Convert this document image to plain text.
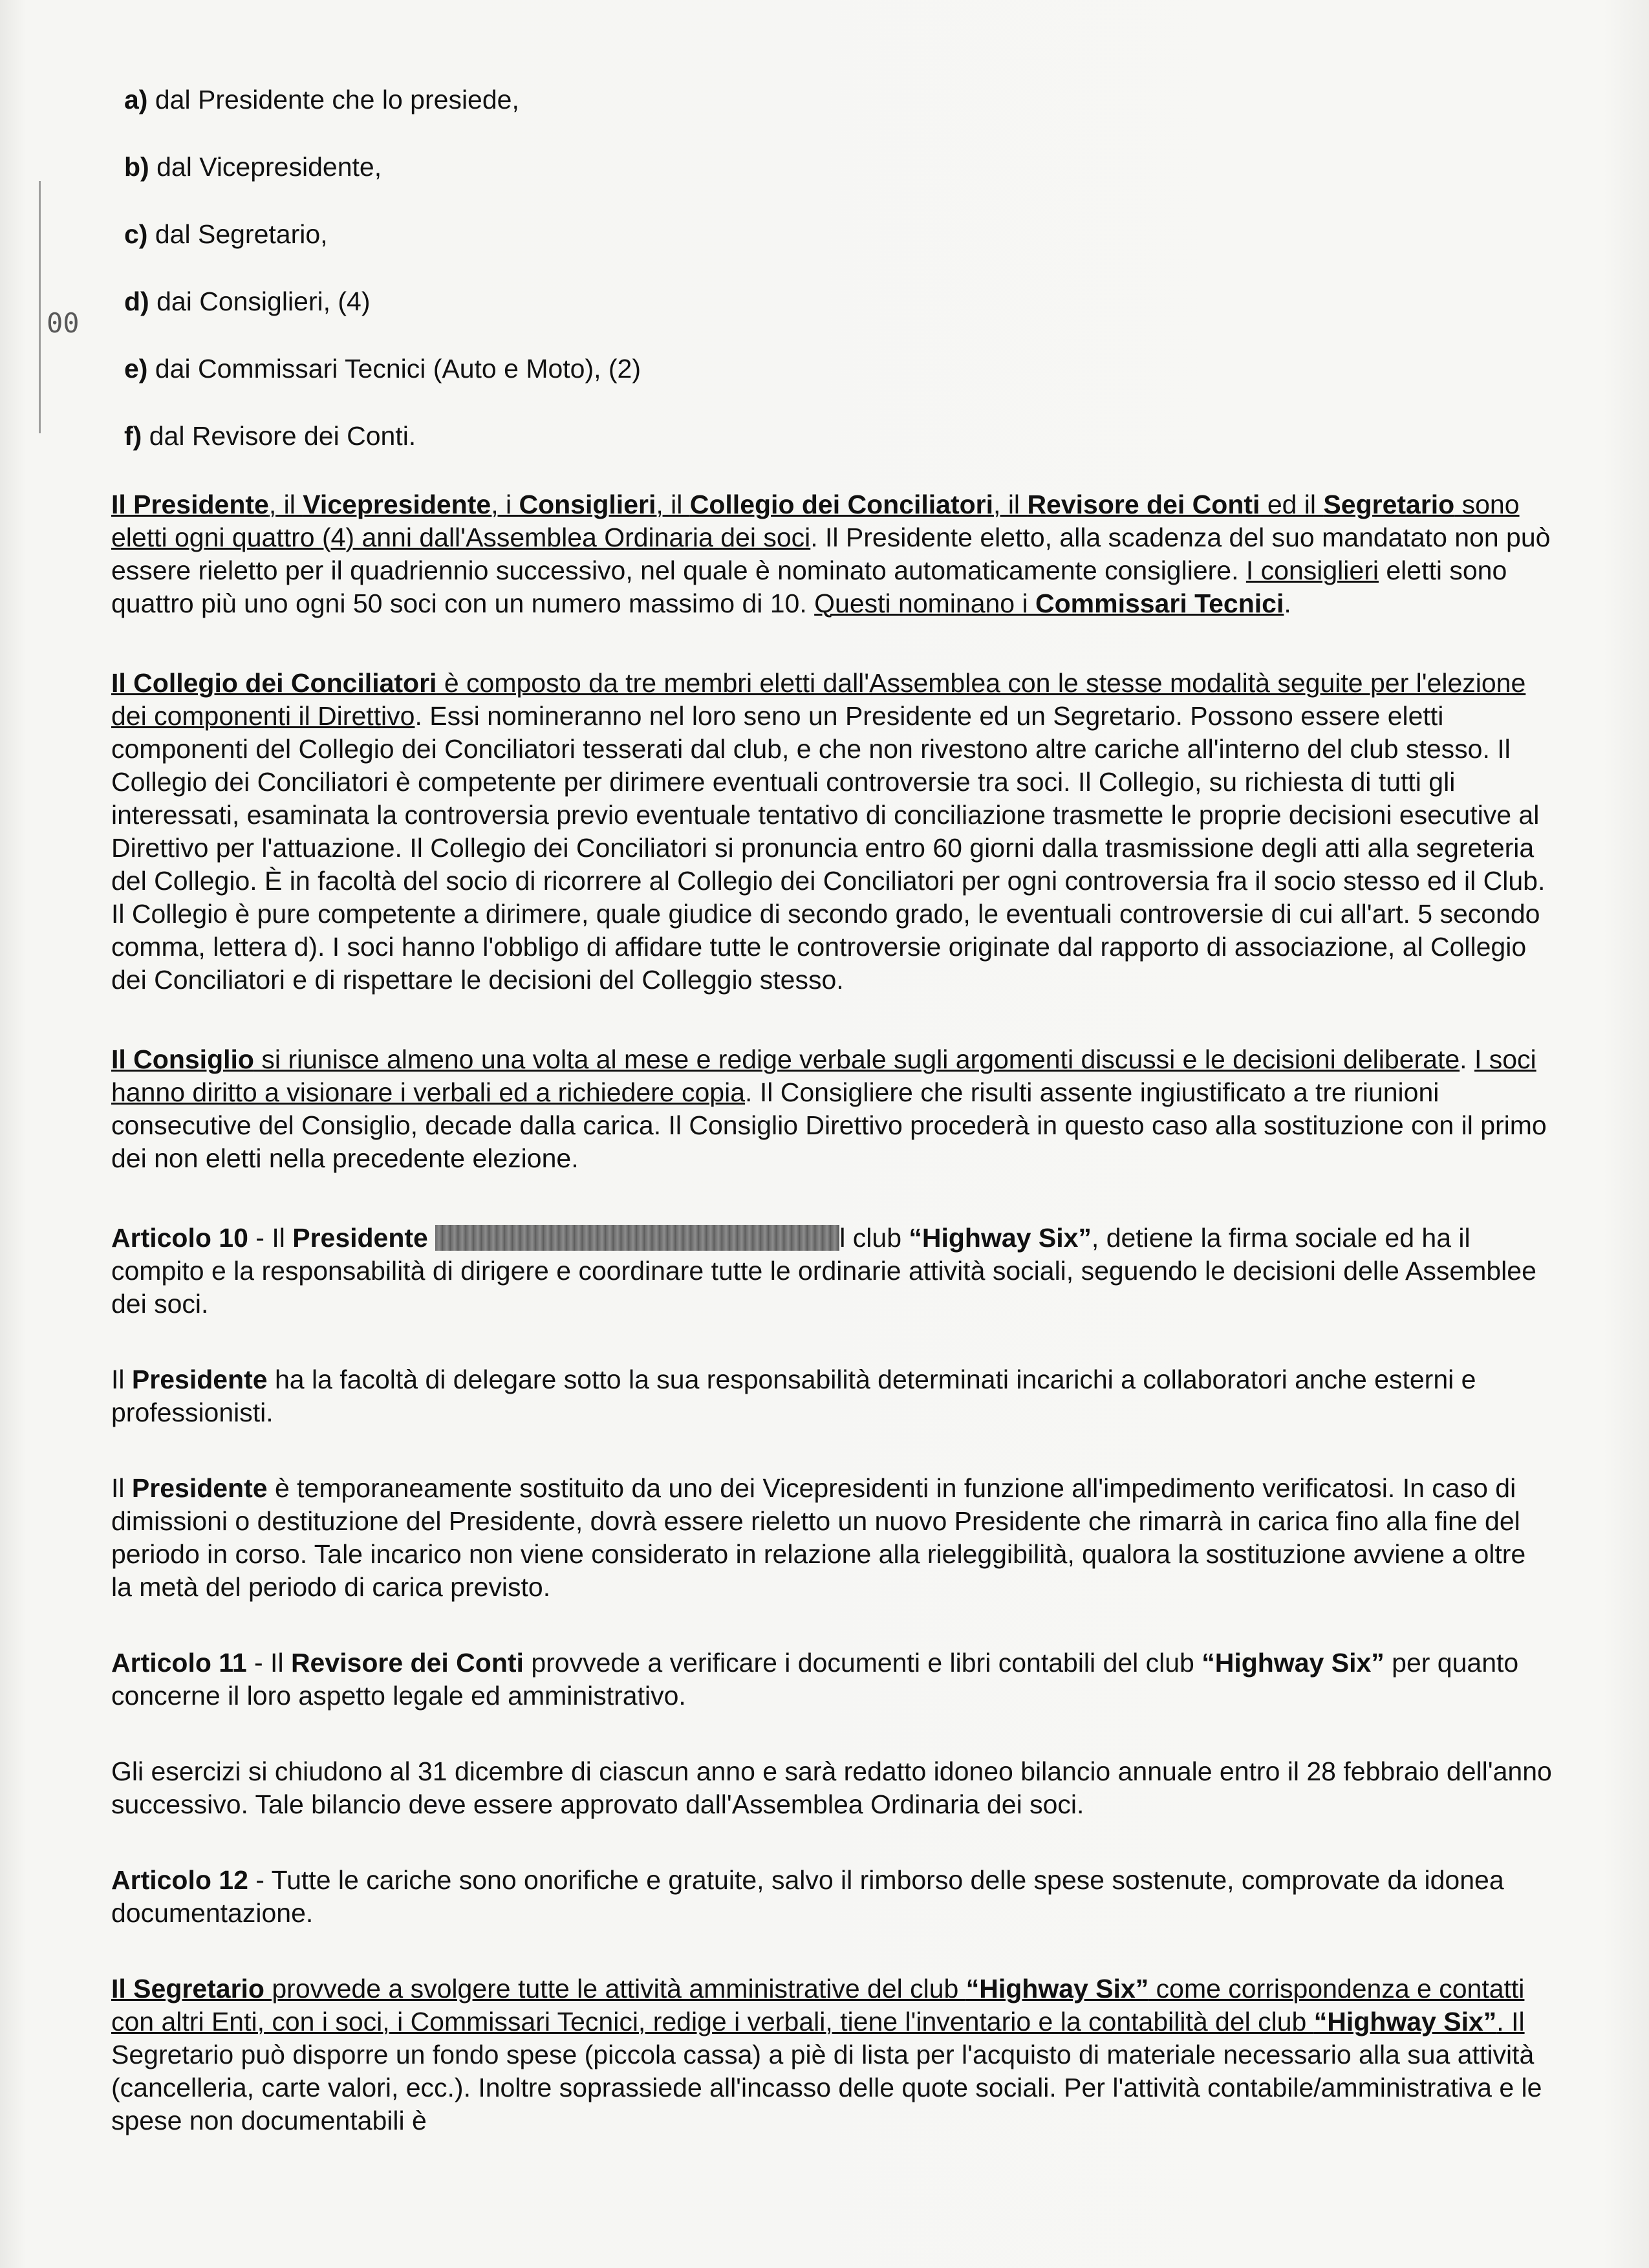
00
a) dal Presidente che lo presiede,
b) dal Vicepresidente,
c) dal Segretario,
d) dai Consiglieri, (4)
e) dai Commissari Tecnici (Auto e Moto), (2)
f) dal Revisore dei Conti.

Il Presidente, il Vicepresidente, i Consiglieri, il Collegio dei Conciliatori, il Revisore dei Conti ed il Segretario sono eletti ogni quattro (4) anni dall'Assemblea Ordinaria dei soci. Il Presidente eletto, alla scadenza del suo mandatato non può essere rieletto per il quadriennio successivo, nel quale è nominato automaticamente consigliere. I consiglieri eletti sono quattro più uno ogni 50 soci con un numero massimo di 10. Questi nominano i Commissari Tecnici.

Il Collegio dei Conciliatori è composto da tre membri eletti dall'Assemblea con le stesse modalità seguite per l'elezione dei componenti il Direttivo. Essi nomineranno nel loro seno un Presidente ed un Segretario. Possono essere eletti componenti del Collegio dei Conciliatori tesserati dal club, e che non rivestono altre cariche all'interno del club stesso. Il Collegio dei Conciliatori è competente per dirimere eventuali controversie tra soci. Il Collegio, su richiesta di tutti gli interessati, esaminata la controversia previo eventuale tentativo di conciliazione trasmette le proprie decisioni esecutive al Direttivo per l'attuazione. Il Collegio dei Conciliatori si pronuncia entro 60 giorni dalla trasmissione degli atti alla segreteria del Collegio. È in facoltà del socio di ricorrere al Collegio dei Conciliatori per ogni controversia fra il socio stesso ed il Club. Il Collegio è pure competente a dirimere, quale giudice di secondo grado, le eventuali controversie di cui all'art. 5 secondo comma, lettera d). I soci hanno l'obbligo di affidare tutte le controversie originate dal rapporto di associazione, al Collegio dei Conciliatori e di rispettare le decisioni del Colleggio stesso.

Il Consiglio si riunisce almeno una volta al mese e redige verbale sugli argomenti discussi e le decisioni deliberate. I soci hanno diritto a visionare i verbali ed a richiedere copia. Il Consigliere che risulti assente ingiustificato a tre riunioni consecutive del Consiglio, decade dalla carica. Il Consiglio Direttivo procederà in questo caso alla sostituzione con il primo dei non eletti nella precedente elezione.

Articolo 10 - Il Presidente	l club “Highway Six”, detiene la firma sociale ed ha il compito e la responsabilità di dirigere e coordinare tutte le ordinarie attività sociali, seguendo le decisioni delle Assemblee dei soci.

Il Presidente ha la facoltà di delegare sotto la sua responsabilità determinati incarichi a collaboratori anche esterni e professionisti.

Il Presidente è temporaneamente sostituito da uno dei Vicepresidenti in funzione all'impedimento verificatosi. In caso di dimissioni o destituzione del Presidente, dovrà essere rieletto un nuovo Presidente che rimarrà in carica fino alla fine del periodo in corso. Tale incarico non viene considerato in relazione alla rieleggibilità, qualora la sostituzione avviene a oltre la metà del periodo di carica previsto.

Articolo 11 - Il Revisore dei Conti provvede a verificare i documenti e libri contabili del club “Highway Six” per quanto concerne il loro aspetto legale ed amministrativo.

Gli esercizi si chiudono al 31 dicembre di ciascun anno e sarà redatto idoneo bilancio annuale entro il 28 febbraio dell'anno successivo. Tale bilancio deve essere approvato dall'Assemblea Ordinaria dei soci.

Articolo 12 - Tutte le cariche sono onorifiche e gratuite, salvo il rimborso delle spese sostenute, comprovate da idonea documentazione.

Il Segretario provvede a svolgere tutte le attività amministrative del club “Highway Six” come corrispondenza e contatti con altri Enti, con i soci, i Commissari Tecnici, redige i verbali, tiene l'inventario e la contabilità del club “Highway Six”. Il Segretario può disporre un fondo spese (piccola cassa) a piè di lista per l'acquisto di materiale necessario alla sua attività (cancelleria, carte valori, ecc.). Inoltre soprassiede all'incasso delle quote sociali. Per l'attività contabile/amministrativa e le spese non documentabili è
